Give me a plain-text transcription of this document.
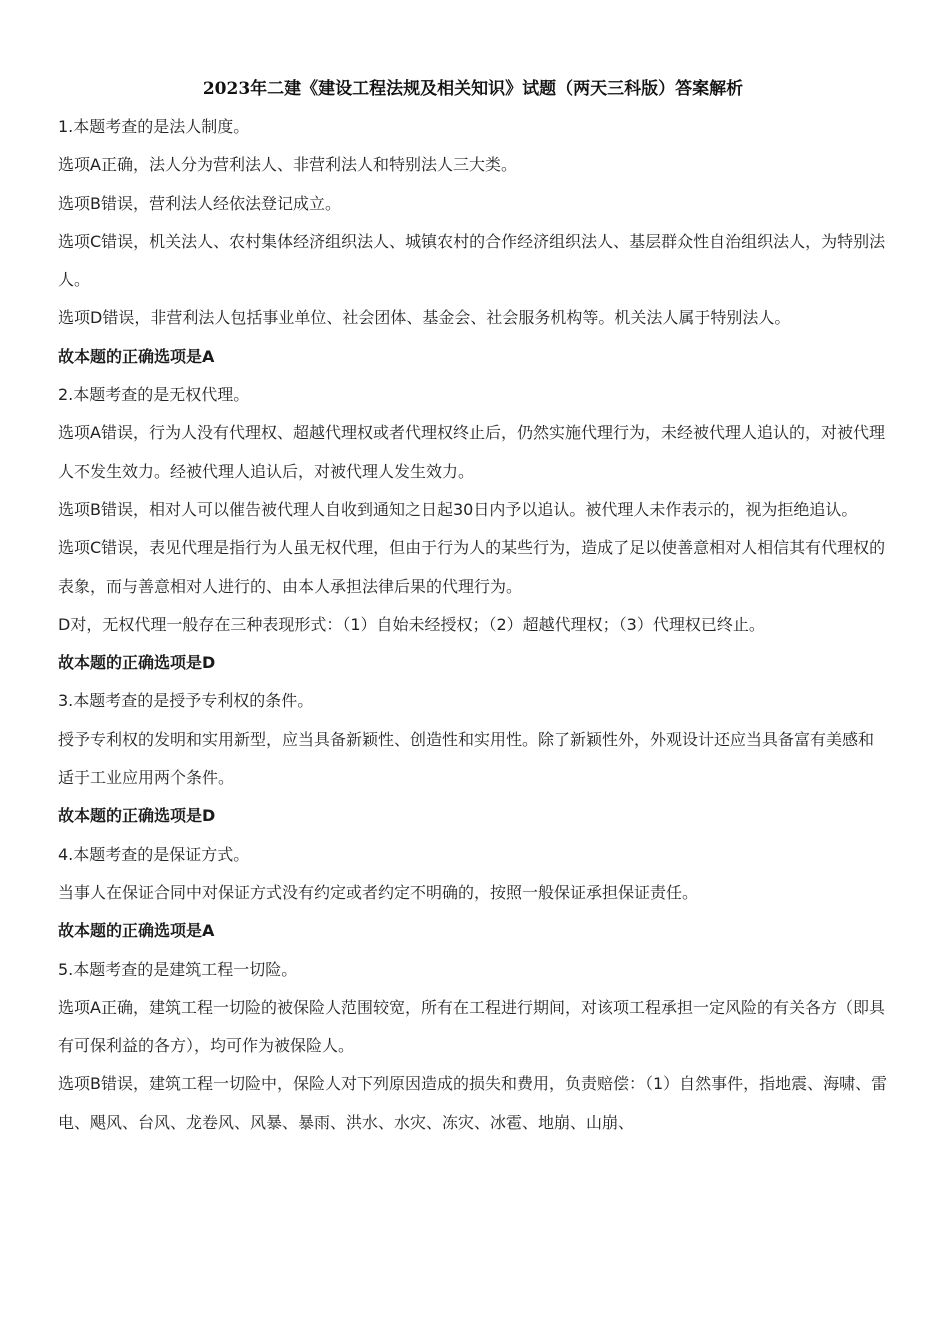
2023年二建《建设工程法规及相关知识》试题（两天三科版）答案解析
1.本题考查的是法人制度。
选项A正确，法人分为营利法人、非营利法人和特别法人三大类。
选项B错误，营利法人经依法登记成立。
选项C错误，机关法人、农村集体经济组织法人、城镇农村的合作经济组织法人、基层群众性自治组织法人，为特别法人。
选项D错误，非营利法人包括事业单位、社会团体、基金会、社会服务机构等。机关法人属于特别法人。
故本题的正确选项是A
2.本题考查的是无权代理。
选项A错误，行为人没有代理权、超越代理权或者代理权终止后，仍然实施代理行为，未经被代理人追认的，对被代理人不发生效力。经被代理人追认后，对被代理人发生效力。
选项B错误，相对人可以催告被代理人自收到通知之日起30日内予以追认。被代理人未作表示的，视为拒绝追认。
选项C错误，表见代理是指行为人虽无权代理，但由于行为人的某些行为，造成了足以使善意相对人相信其有代理权的表象，而与善意相对人进行的、由本人承担法律后果的代理行为。
D对，无权代理一般存在三种表现形式：（1）自始未经授权；（2）超越代理权；（3）代理权已终止。
故本题的正确选项是D
3.本题考查的是授予专利权的条件。
授予专利权的发明和实用新型，应当具备新颖性、创造性和实用性。除了新颖性外，外观设计还应当具备富有美感和适于工业应用两个条件。
故本题的正确选项是D
4.本题考查的是保证方式。
当事人在保证合同中对保证方式没有约定或者约定不明确的，按照一般保证承担保证责任。
故本题的正确选项是A
5.本题考查的是建筑工程一切险。
选项A正确，建筑工程一切险的被保险人范围较宽，所有在工程进行期间，对该项工程承担一定风险的有关各方（即具有可保利益的各方），均可作为被保险人。
选项B错误，建筑工程一切险中，保险人对下列原因造成的损失和费用，负责赔偿：（1）自然事件，指地震、海啸、雷电、飓风、台风、龙卷风、风暴、暴雨、洪水、水灾、冻灾、冰雹、地崩、山崩、
